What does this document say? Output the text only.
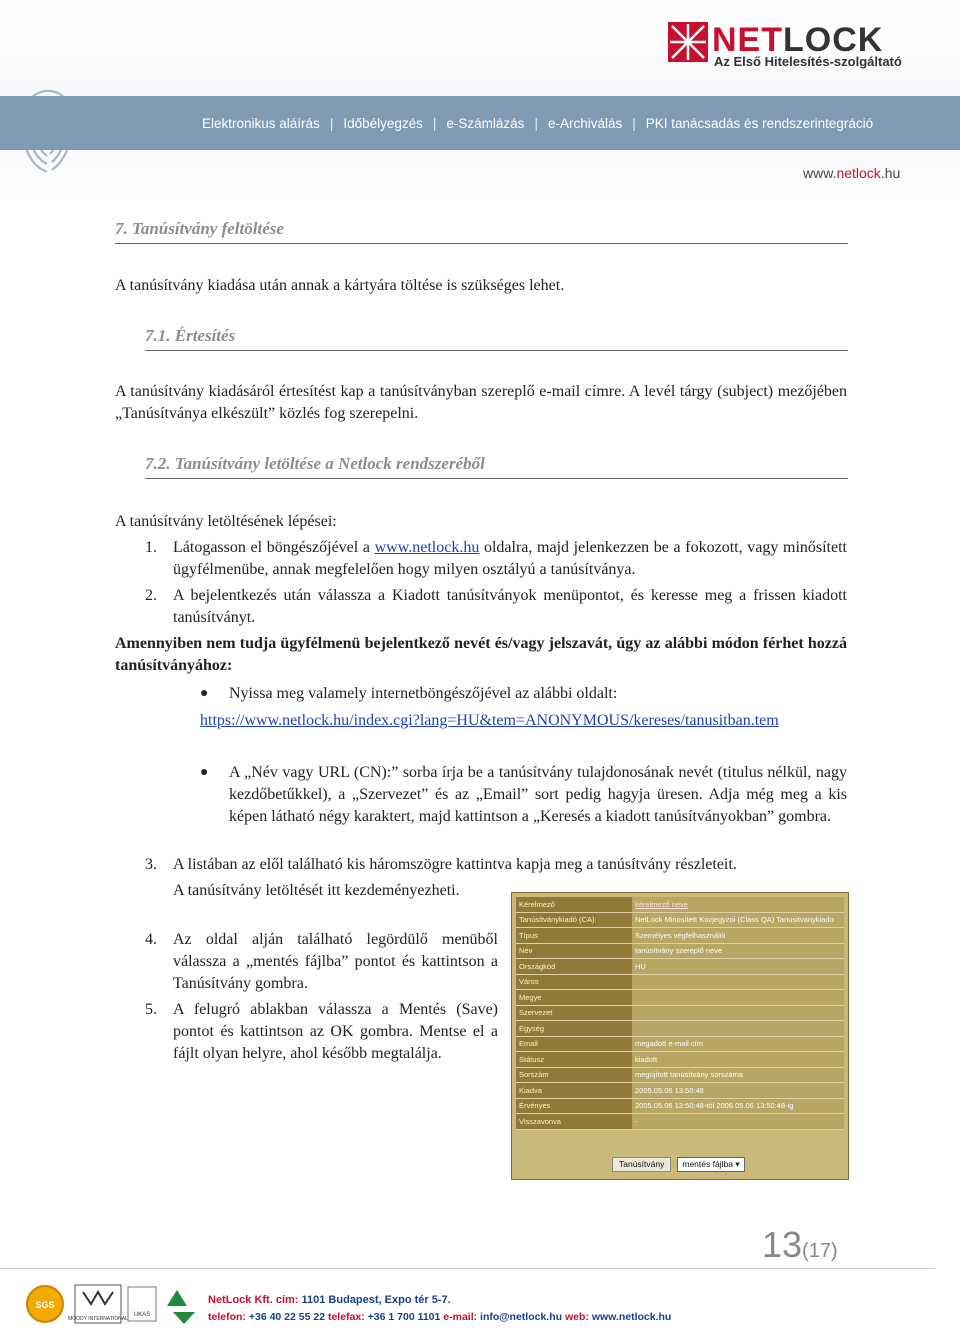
NETLOCK
Az Első Hitelesítés-szolgáltató
Elektronikus aláírás | Időbélyegzés | e-Számlázás | e-Archiválás | PKI tanácsadás és rendszerintegráció
www.netlock.hu
7. Tanúsítvány feltöltése
A tanúsítvány kiadása után annak a kártyára töltése is szükséges lehet.
7.1. Értesítés
A tanúsítvány kiadásáról értesítést kap a tanúsítványban szereplő e-mail címre. A levél tárgy (subject) mezőjében „Tanúsítványa elkészült” közlés fog szerepelni.
7.2. Tanúsítvány letöltése a Netlock rendszeréből
A tanúsítvány letöltésének lépései:
1. Látogasson el böngészőjével a www.netlock.hu oldalra, majd jelenkezzen be a fokozott, vagy minősített ügyfélmenübe, annak megfelelően hogy milyen osztályú a tanúsítványa.
2. A bejelentkezés után válassza a Kiadott tanúsítványok menüpontot, és keresse meg a frissen kiadott tanúsítványt.
Amennyiben nem tudja ügyfélmenü bejelentkező nevét és/vagy jelszavát, úgy az alábbi módon férhet hozzá tanúsítványához:
● Nyissa meg valamely internetböngészőjével az alábbi oldalt:
https://www.netlock.hu/index.cgi?lang=HU&tem=ANONYMOUS/kereses/tanusitban.tem
● A „Név vagy URL (CN):” sorba írja be a tanúsítvány tulajdonosának nevét (titulus nélkül, nagy kezdőbetűkkel), a „Szervezet” és az „Email” sort pedig hagyja üresen. Adja még meg a kis képen látható négy karaktert, majd kattintson a „Keresés a kiadott tanúsítványokban” gombra.
3. A listában az elől található kis háromszögre kattintva kapja meg a tanúsítvány részleteit.
A tanúsítvány letöltését itt kezdeményezheti.
4. Az oldal alján található legördülő menüből válassza a „mentés fájlba” pontot és kattintson a Tanúsítvány gombra.
5. A felugró ablakban válassza a Mentés (Save) pontot és kattintson az OK gombra. Mentse el a fájlt olyan helyre, ahol később megtalálja.
Kérelmező	kérelmező neve
Tanúsítványkiadó (CA):	NetLock Minosített Kozjegyzoi (Class QA) Tanusitvanykiado
Típus	Személyes végfelhasználói
Név	tanúsítvány szereplő neve
Országkód	HU
Város	
Megye	
Szervezet	
Egység	
Email	megadott e-mail cím
Státusz	kiadott
Sorszám	megújított tanúsítvány sorszáma
Kiadva	2005.05.06 13:50:48
Érvényes	2005.05.06 13:50:48-tól 2006.05.06 13:50:48-ig
Visszavonva	-
Tanúsítvány	mentés fájlba ▾
13(17)
SGS
MOODY INTERNATIONAL
UKAS
NetLock Kft. cím: 1101 Budapest, Expo tér 5-7.
telefon: +36 40 22 55 22 telefax: +36 1 700 1101 e-mail: info@netlock.hu web: www.netlock.hu
